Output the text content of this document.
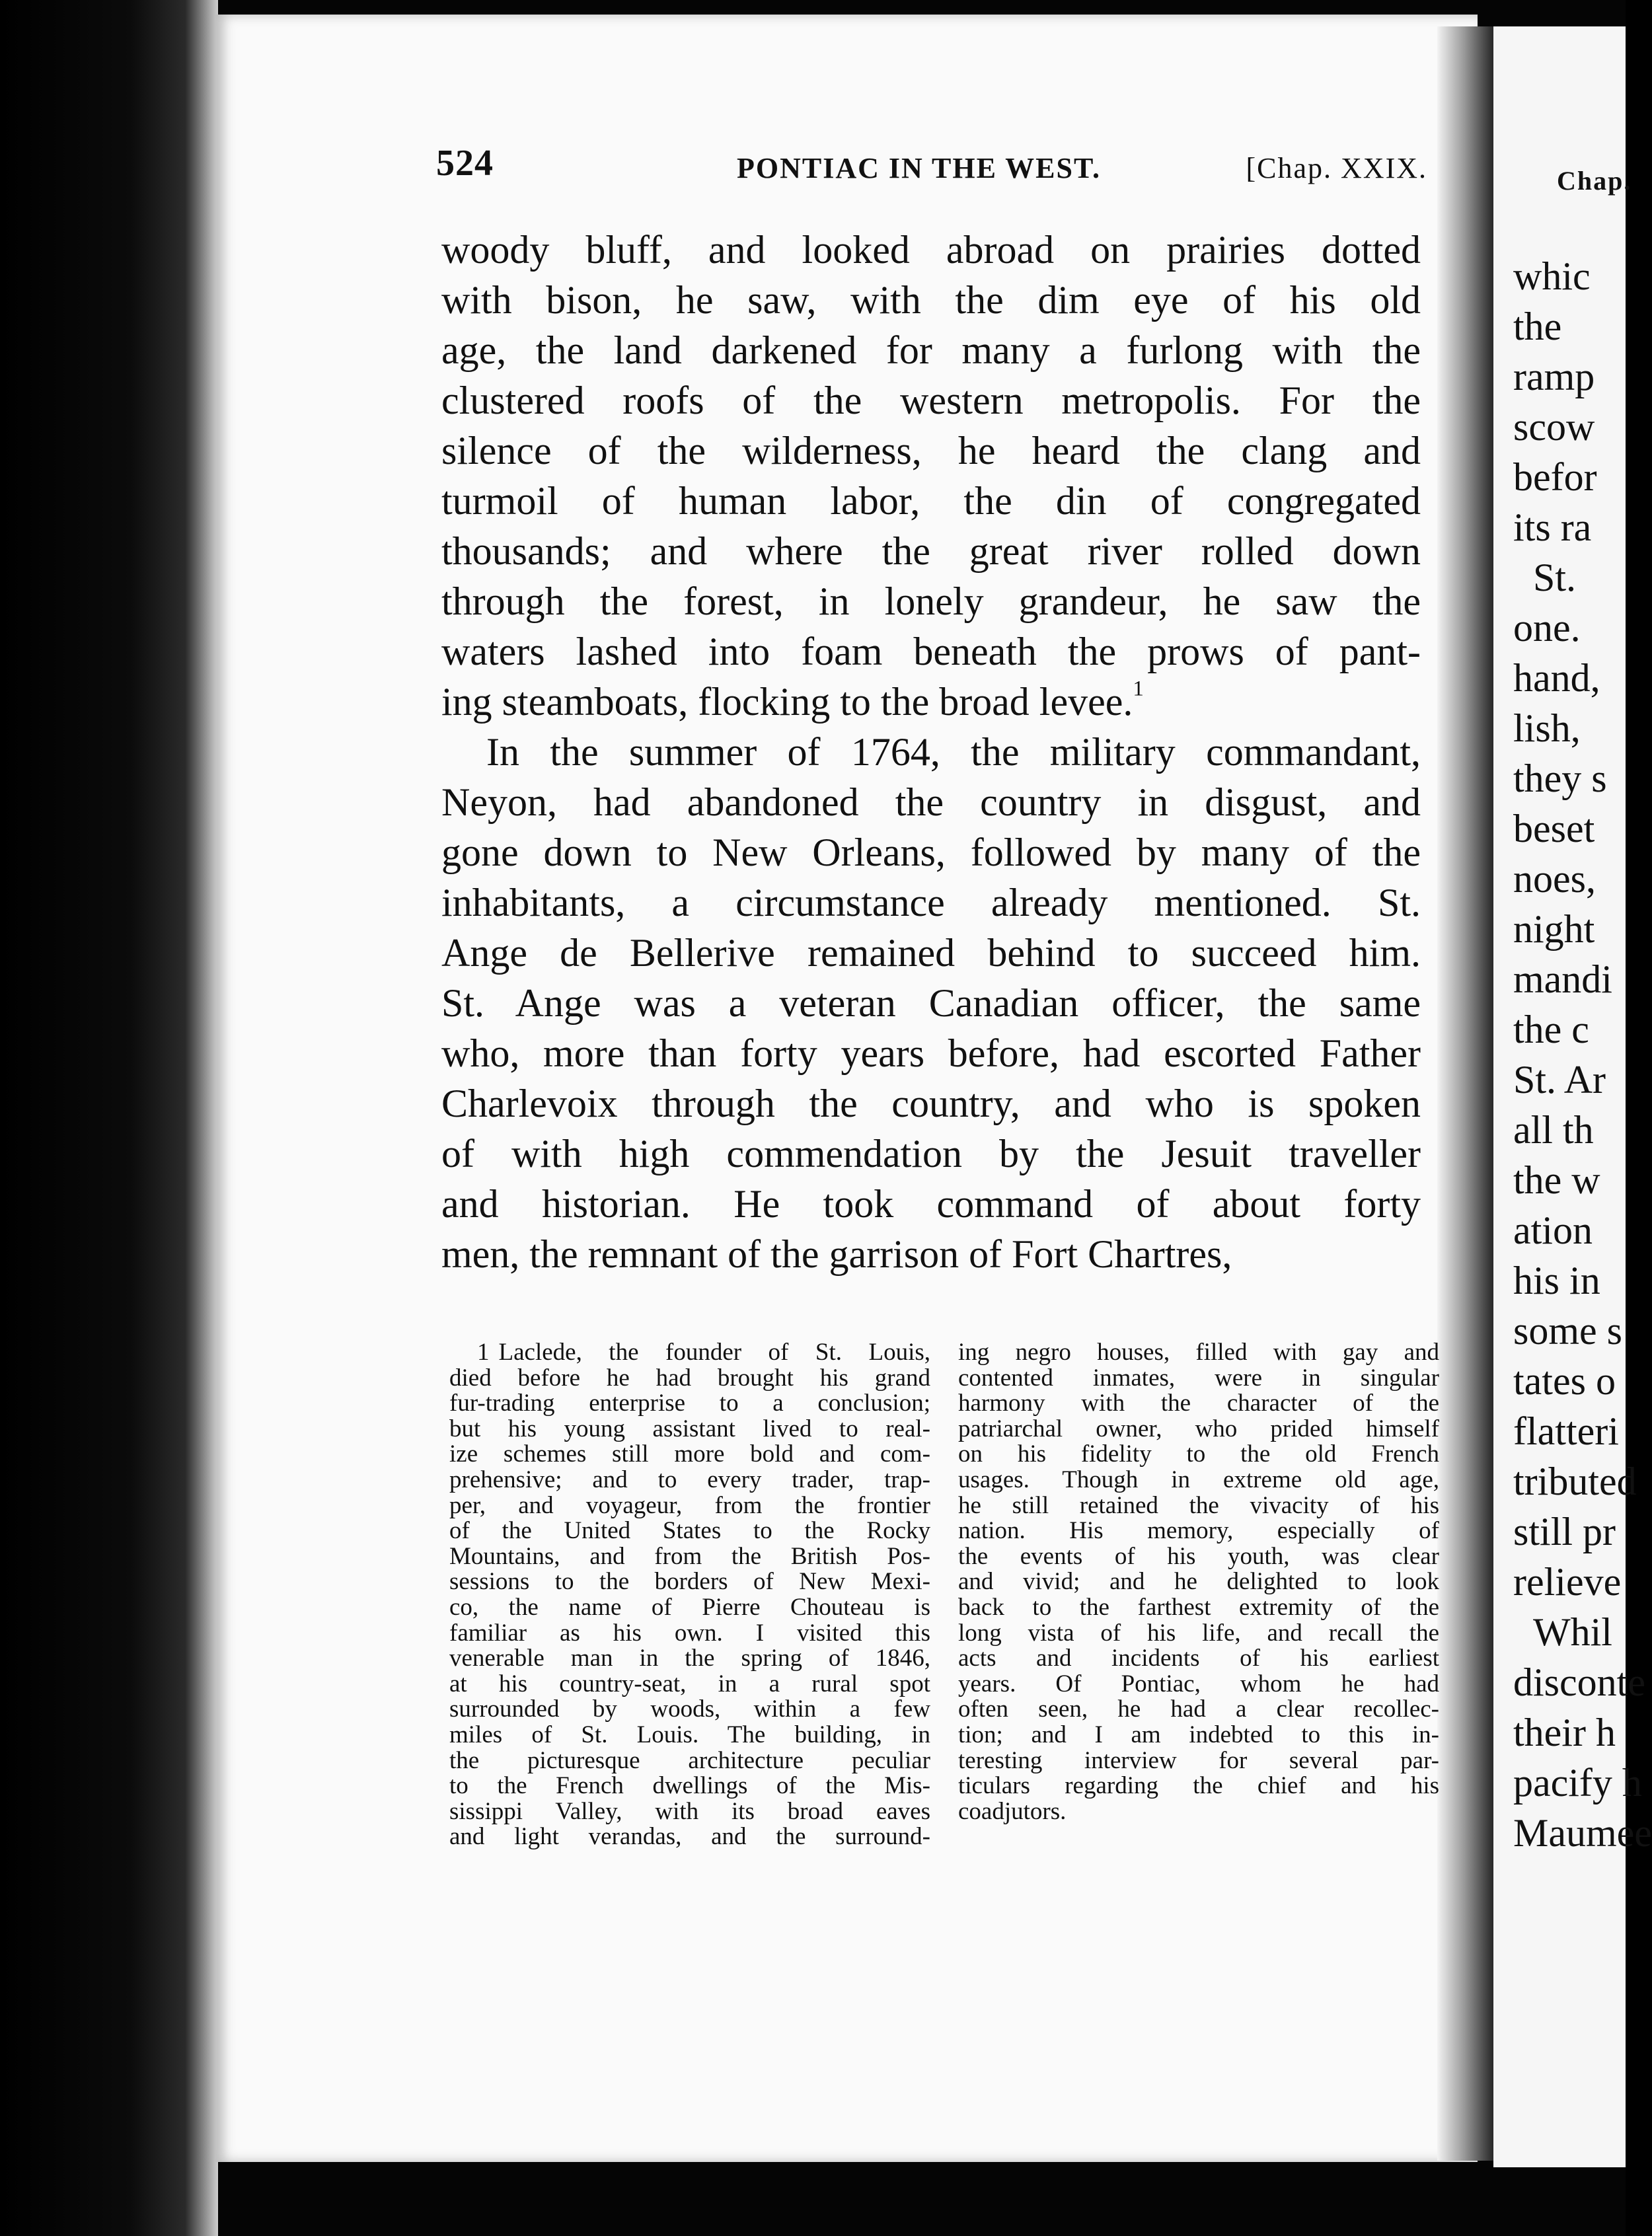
Chap.
whic
the
ramp
scow
befor
its ra
St.
one.
hand,
lish,
they s
beset
noes,
night
mandi
the c
St. Ar
all th
the w
ation
his in
some s
tates o
flatteri
tributed
still pr
relieve
Whil
disconte
their h
pacify h
Maumee
524	PONTIAC IN THE WEST.	[Chap. XXIX.
woody bluff, and looked abroad on prairies dotted
with bison, he saw, with the dim eye of his old
age, the land darkened for many a furlong with the
clustered roofs of the western metropolis. For the
silence of the wilderness, he heard the clang and
turmoil of human labor, the din of congregated
thousands; and where the great river rolled down
through the forest, in lonely grandeur, he saw the
waters lashed into foam beneath the prows of pant-
ing steamboats, flocking to the broad levee.$^1$
In the summer of 1764, the military commandant,
Neyon, had abandoned the country in disgust, and
gone down to New Orleans, followed by many of the
inhabitants, a circumstance already mentioned. St.
Ange de Bellerive remained behind to succeed him.
St. Ange was a veteran Canadian officer, the same
who, more than forty years before, had escorted Father
Charlevoix through the country, and who is spoken
of with high commendation by the Jesuit traveller
and historian. He took command of about forty
men, the remnant of the garrison of Fort Chartres,
1 Laclede, the founder of St. Louis,
died before he had brought his grand
fur-trading enterprise to a conclusion;
but his young assistant lived to real-
ize schemes still more bold and com-
prehensive; and to every trader, trap-
per, and voyageur, from the frontier
of the United States to the Rocky
Mountains, and from the British Pos-
sessions to the borders of New Mexi-
co, the name of Pierre Chouteau is
familiar as his own. I visited this
venerable man in the spring of 1846,
at his country-seat, in a rural spot
surrounded by woods, within a few
miles of St. Louis. The building, in
the picturesque architecture peculiar
to the French dwellings of the Mis-
sissippi Valley, with its broad eaves
and light verandas, and the surround-
ing negro houses, filled with gay and
contented inmates, were in singular
harmony with the character of the
patriarchal owner, who prided himself
on his fidelity to the old French
usages. Though in extreme old age,
he still retained the vivacity of his
nation. His memory, especially of
the events of his youth, was clear
and vivid; and he delighted to look
back to the farthest extremity of the
long vista of his life, and recall the
acts and incidents of his earliest
years. Of Pontiac, whom he had
often seen, he had a clear recollec-
tion; and I am indebted to this in-
teresting interview for several par-
ticulars regarding the chief and his
coadjutors.
